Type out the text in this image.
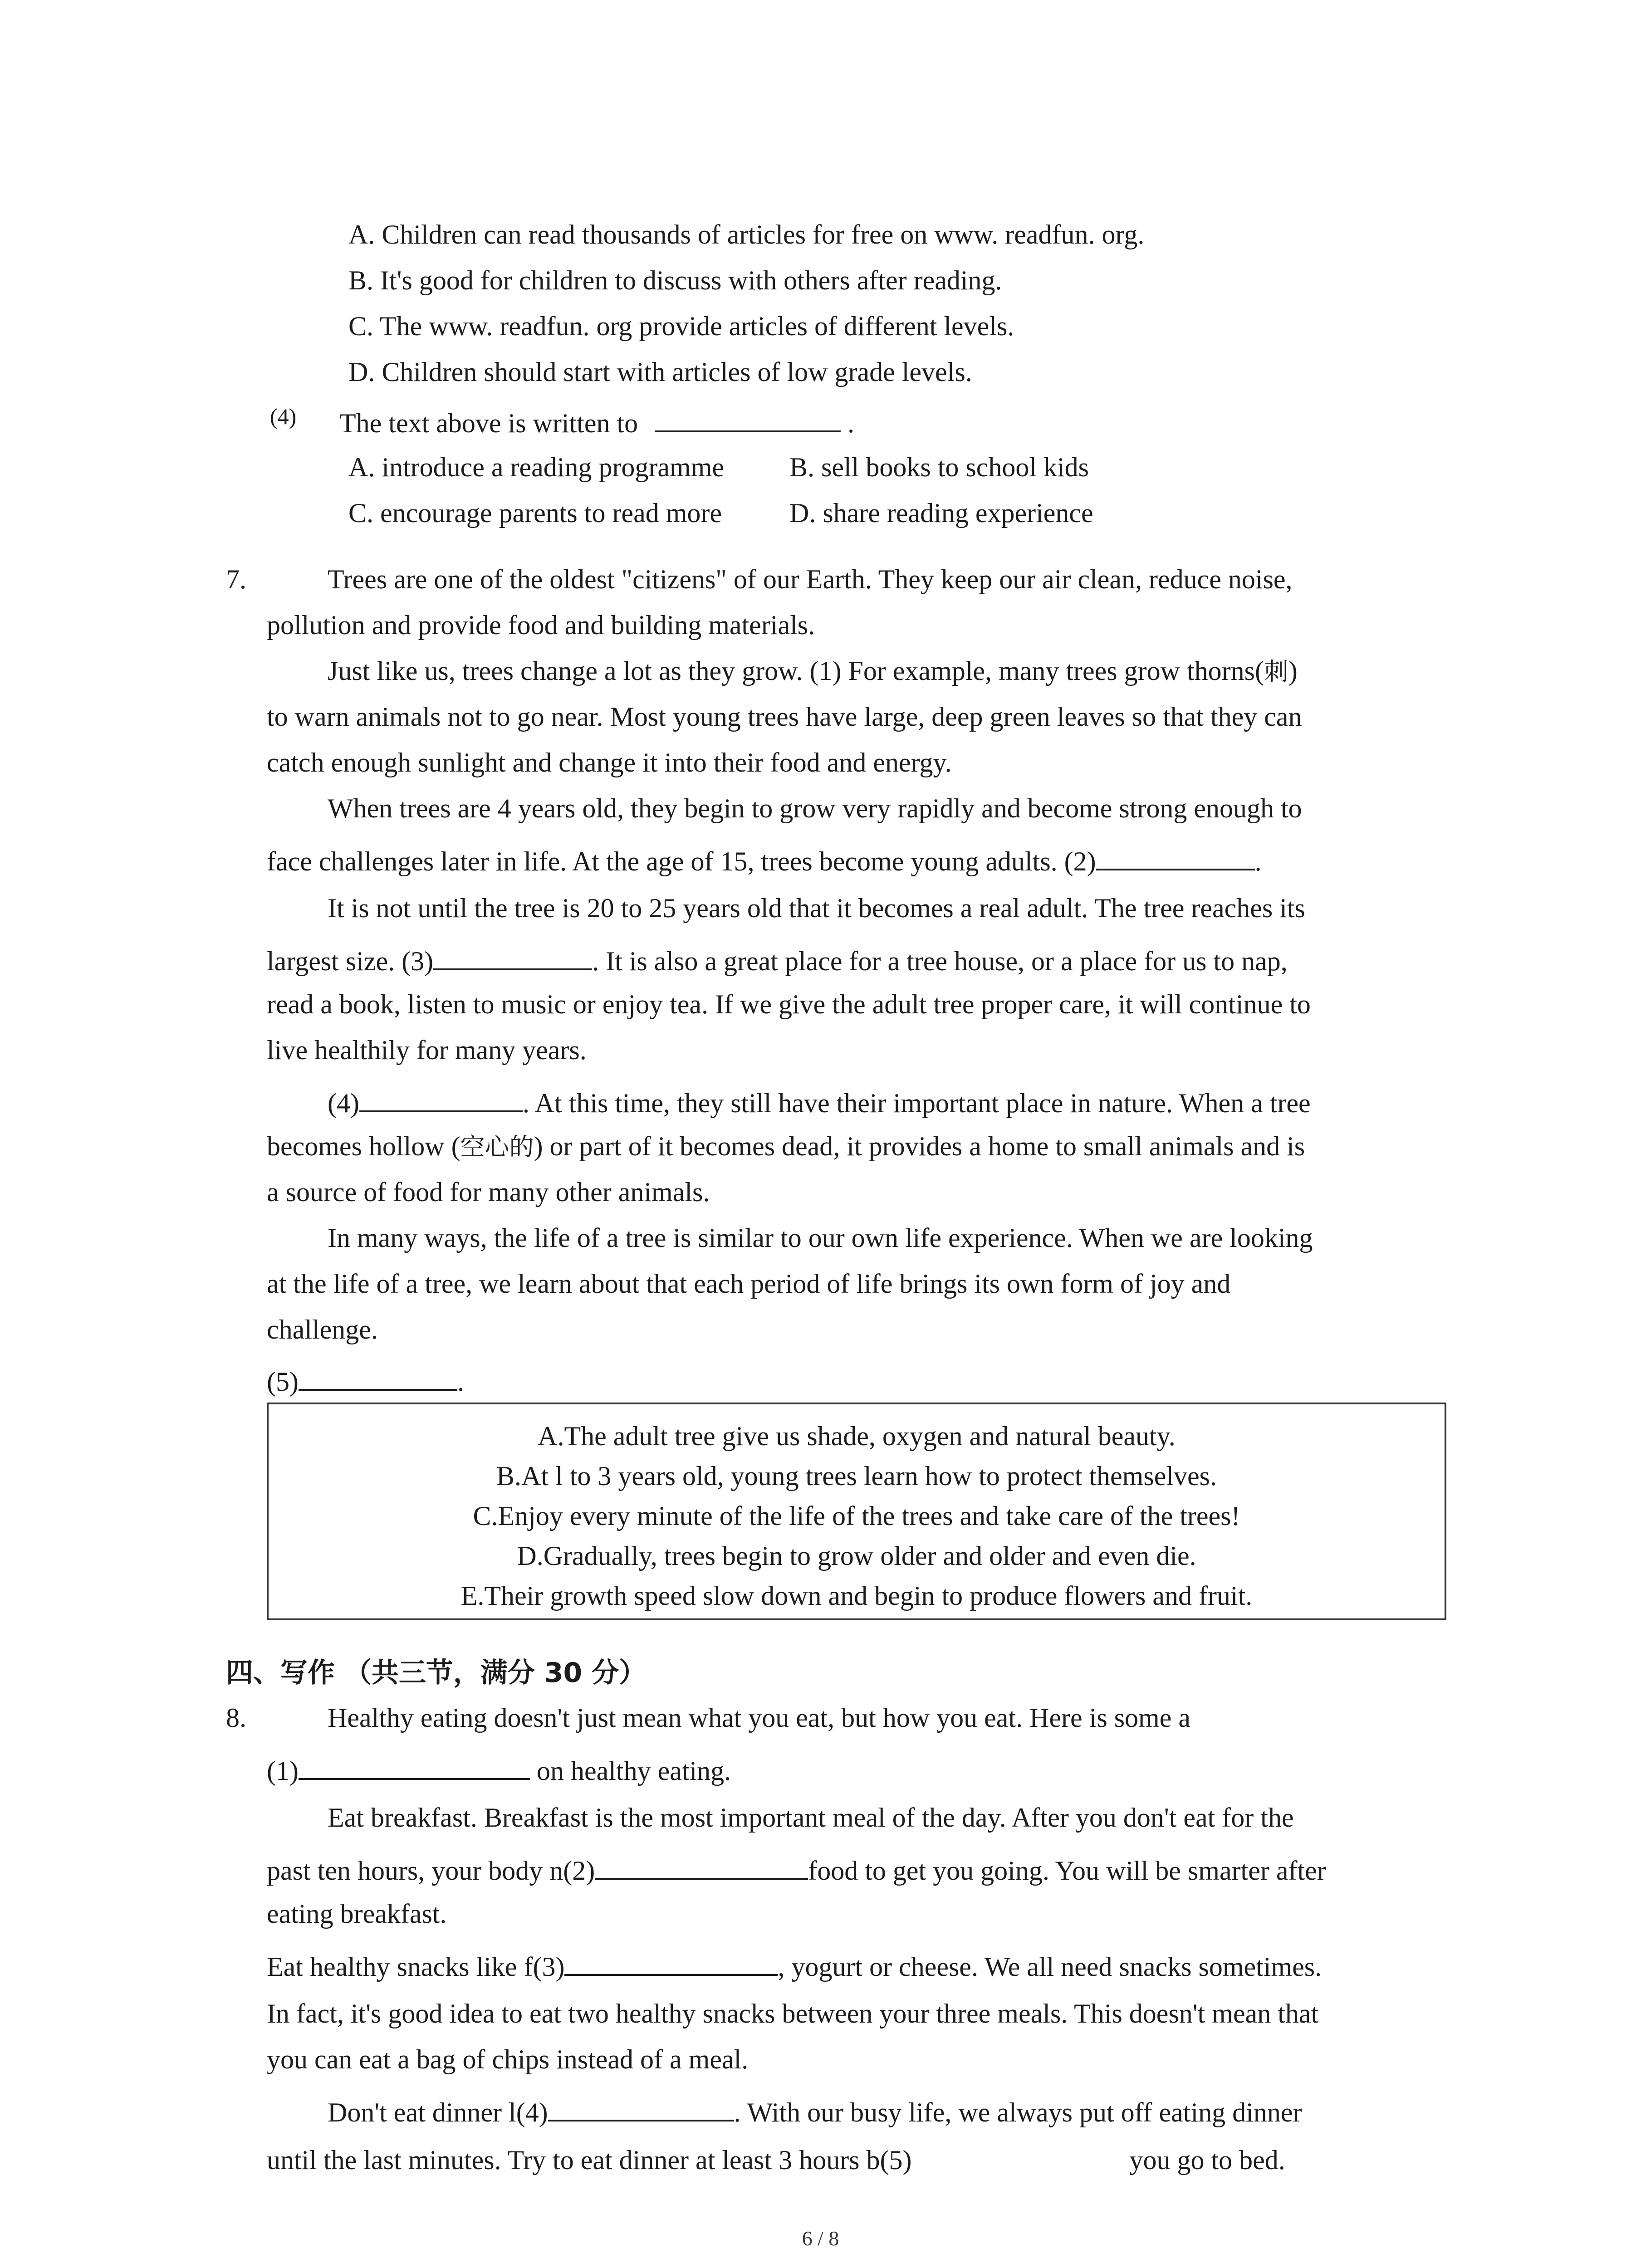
A. Children can read thousands of articles for free on www. readfun. org.
B. It's good for children to discuss with others after reading.
C. The www. readfun. org provide articles of different levels.
D. Children should start with articles of low grade levels.
(4) The text above is written to	.
A. introduce a reading programme B. sell books to school kids
C. encourage parents to read more D. share reading experience
7.	Trees are one of the oldest "citizens" of our Earth. They keep our air clean, reduce noise,
pollution and provide food and building materials.
Just like us, trees change a lot as they grow. (1) For example, many trees grow thorns(刺)
to warn animals not to go near. Most young trees have large, deep green leaves so that they can
catch enough sunlight and change it into their food and energy.
When trees are 4 years old, they begin to grow very rapidly and become strong enough to
face challenges later in life. At the age of 15, trees become young adults. (2)	.
It is not until the tree is 20 to 25 years old that it becomes a real adult. The tree reaches its
largest size. (3)	. It is also a great place for a tree house, or a place for us to nap,
read a book, listen to music or enjoy tea. If we give the adult tree proper care, it will continue to
live healthily for many years.
(4)	. At this time, they still have their important place in nature. When a tree
becomes hollow (空心的) or part of it becomes dead, it provides a home to small animals and is
a source of food for many other animals.
In many ways, the life of a tree is similar to our own life experience. When we are looking
at the life of a tree, we learn about that each period of life brings its own form of joy and
challenge.
(5)	.
A.The adult tree give us shade, oxygen and natural beauty.
B.At l to 3 years old, young trees learn how to protect themselves.
C.Enjoy every minute of the life of the trees and take care of the trees!
D.Gradually, trees begin to grow older and older and even die.
E.Their growth speed slow down and begin to produce flowers and fruit.
四、写作 （共三节，满分 30 分）
8.	Healthy eating doesn't just mean what you eat, but how you eat. Here is some a
(1)	on healthy eating.
Eat breakfast. Breakfast is the most important meal of the day. After you don't eat for the
past ten hours, your body n(2)	food to get you going. You will be smarter after
eating breakfast.
Eat healthy snacks like f(3)	, yogurt or cheese. We all need snacks sometimes.
In fact, it's good idea to eat two healthy snacks between your three meals. This doesn't mean that
you can eat a bag of chips instead of a meal.
Don't eat dinner l(4)	. With our busy life, we always put off eating dinner
until the last minutes. Try to eat dinner at least 3 hours b(5)	you go to bed.
6 / 8
